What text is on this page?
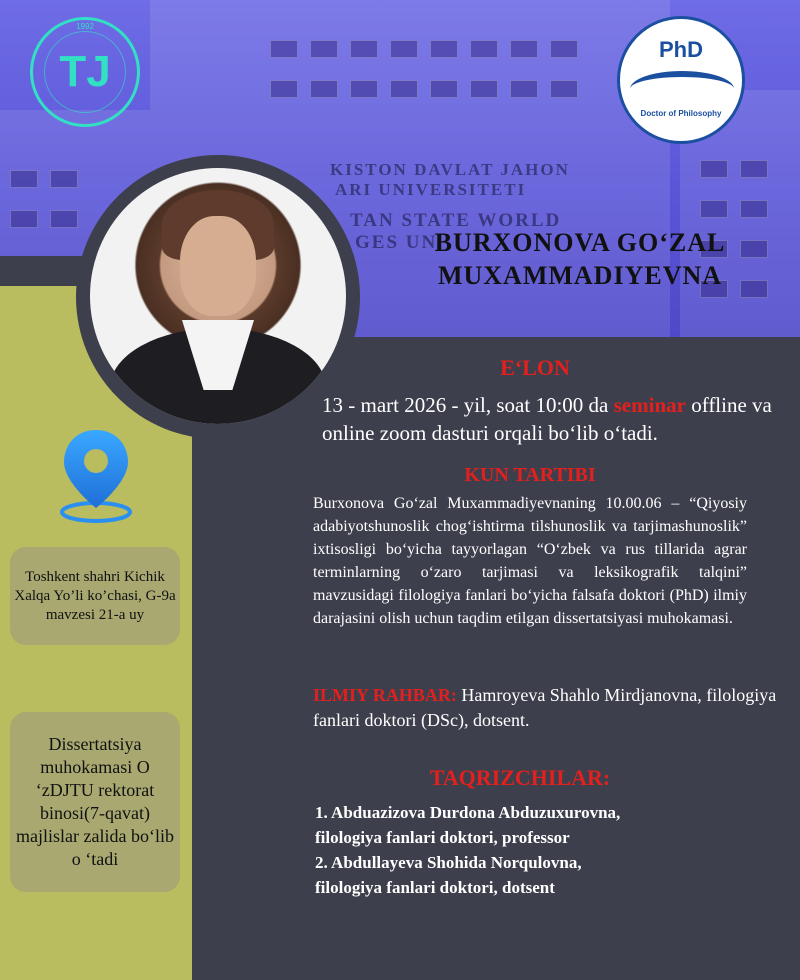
KISTON DAVLAT JAHON
ARI UNIVERSITETI
TAN STATE WORLD
GES UN
1992
TJ	PhD
Doctor of Philosophy
BURXONOVA GO‘ZAL
MUXAMMADIYEVNA
Toshkent shahri Kichik Xalqa Yo’li ko’chasi, G-9a mavzesi 21-a uy
Dissertatsiya muhokamasi O ‘zDJTU rektorat binosi(7-qavat) majlislar zalida bo‘lib o ‘tadi
E‘LON
13 - mart 2026 - yil, soat 10:00 da seminar offline va online zoom dasturi orqali bo‘lib o‘tadi.
KUN TARTIBI
Burxonova Go‘zal Muxammadiyevnaning 10.00.06 – “Qiyosiy adabiyotshunoslik chog‘ishtirma tilshunoslik va tarjimashunoslik” ixtisosligi bo‘yicha tayyorlagan “O‘zbek va rus tillarida agrar terminlarning o‘zaro tarjimasi va leksikografik talqini” mavzusidagi filologiya fanlari bo‘yicha falsafa doktori (PhD) ilmiy darajasini olish uchun taqdim etilgan dissertatsiyasi muhokamasi.
ILMIY RAHBAR: Hamroyeva Shahlo Mirdjanovna, filologiya fanlari doktori (DSc), dotsent.
TAQRIZCHILAR:
1. Abduazizova Durdona Abduzuxurovna,
filologiya fanlari doktori, professor
2. Abdullayeva Shohida Norqulovna,
filologiya fanlari doktori, dotsent
